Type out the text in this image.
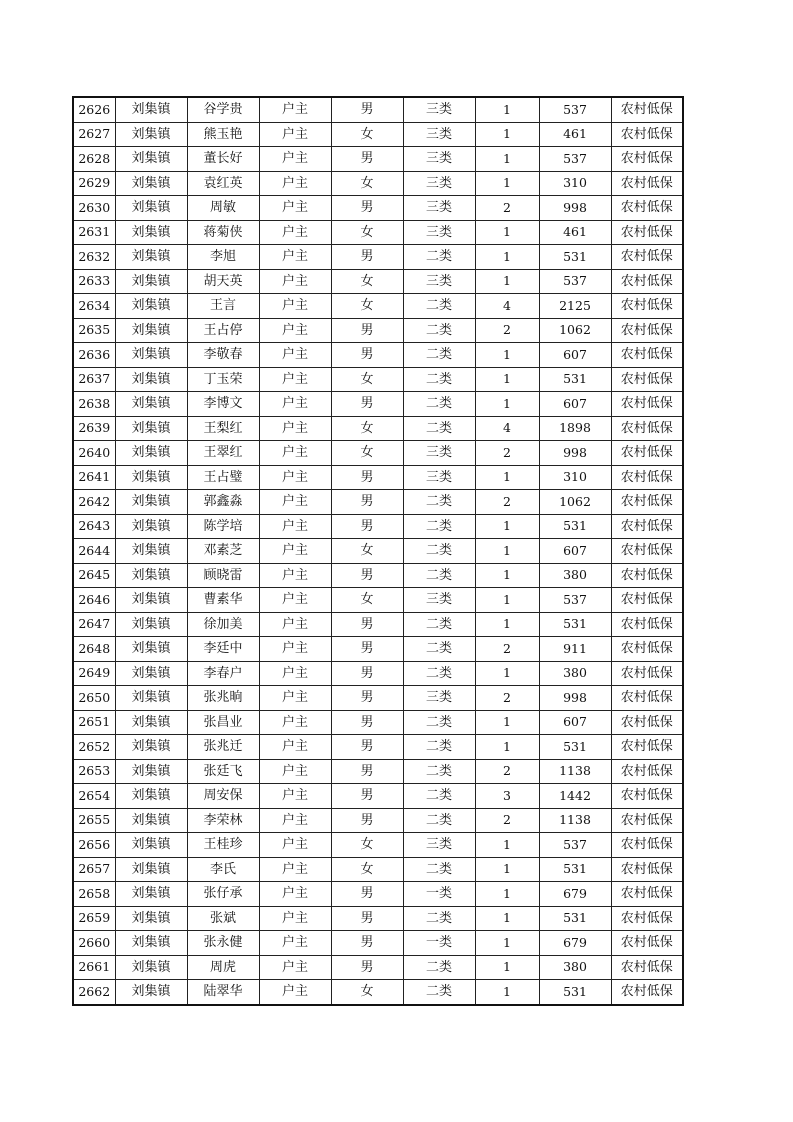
2626	刘集镇	谷学贵	户主	男	三类	1	537	农村低保
2627	刘集镇	熊玉艳	户主	女	三类	1	461	农村低保
2628	刘集镇	董长好	户主	男	三类	1	537	农村低保
2629	刘集镇	袁红英	户主	女	三类	1	310	农村低保
2630	刘集镇	周敏	户主	男	三类	2	998	农村低保
2631	刘集镇	蒋菊侠	户主	女	三类	1	461	农村低保
2632	刘集镇	李旭	户主	男	二类	1	531	农村低保
2633	刘集镇	胡天英	户主	女	三类	1	537	农村低保
2634	刘集镇	王言	户主	女	二类	4	2125	农村低保
2635	刘集镇	王占停	户主	男	二类	2	1062	农村低保
2636	刘集镇	李敬春	户主	男	二类	1	607	农村低保
2637	刘集镇	丁玉荣	户主	女	二类	1	531	农村低保
2638	刘集镇	李博文	户主	男	二类	1	607	农村低保
2639	刘集镇	王梨红	户主	女	二类	4	1898	农村低保
2640	刘集镇	王翠红	户主	女	三类	2	998	农村低保
2641	刘集镇	王占璧	户主	男	三类	1	310	农村低保
2642	刘集镇	郭鑫淼	户主	男	二类	2	1062	农村低保
2643	刘集镇	陈学培	户主	男	二类	1	531	农村低保
2644	刘集镇	邓素芝	户主	女	二类	1	607	农村低保
2645	刘集镇	顾晓雷	户主	男	二类	1	380	农村低保
2646	刘集镇	曹素华	户主	女	三类	1	537	农村低保
2647	刘集镇	徐加美	户主	男	二类	1	531	农村低保
2648	刘集镇	李廷中	户主	男	二类	2	911	农村低保
2649	刘集镇	李春户	户主	男	二类	1	380	农村低保
2650	刘集镇	张兆晌	户主	男	三类	2	998	农村低保
2651	刘集镇	张昌业	户主	男	二类	1	607	农村低保
2652	刘集镇	张兆迁	户主	男	二类	1	531	农村低保
2653	刘集镇	张廷飞	户主	男	二类	2	1138	农村低保
2654	刘集镇	周安保	户主	男	二类	3	1442	农村低保
2655	刘集镇	李荣林	户主	男	二类	2	1138	农村低保
2656	刘集镇	王桂珍	户主	女	三类	1	537	农村低保
2657	刘集镇	李氏	户主	女	二类	1	531	农村低保
2658	刘集镇	张仔承	户主	男	一类	1	679	农村低保
2659	刘集镇	张斌	户主	男	二类	1	531	农村低保
2660	刘集镇	张永健	户主	男	一类	1	679	农村低保
2661	刘集镇	周虎	户主	男	二类	1	380	农村低保
2662	刘集镇	陆翠华	户主	女	二类	1	531	农村低保
